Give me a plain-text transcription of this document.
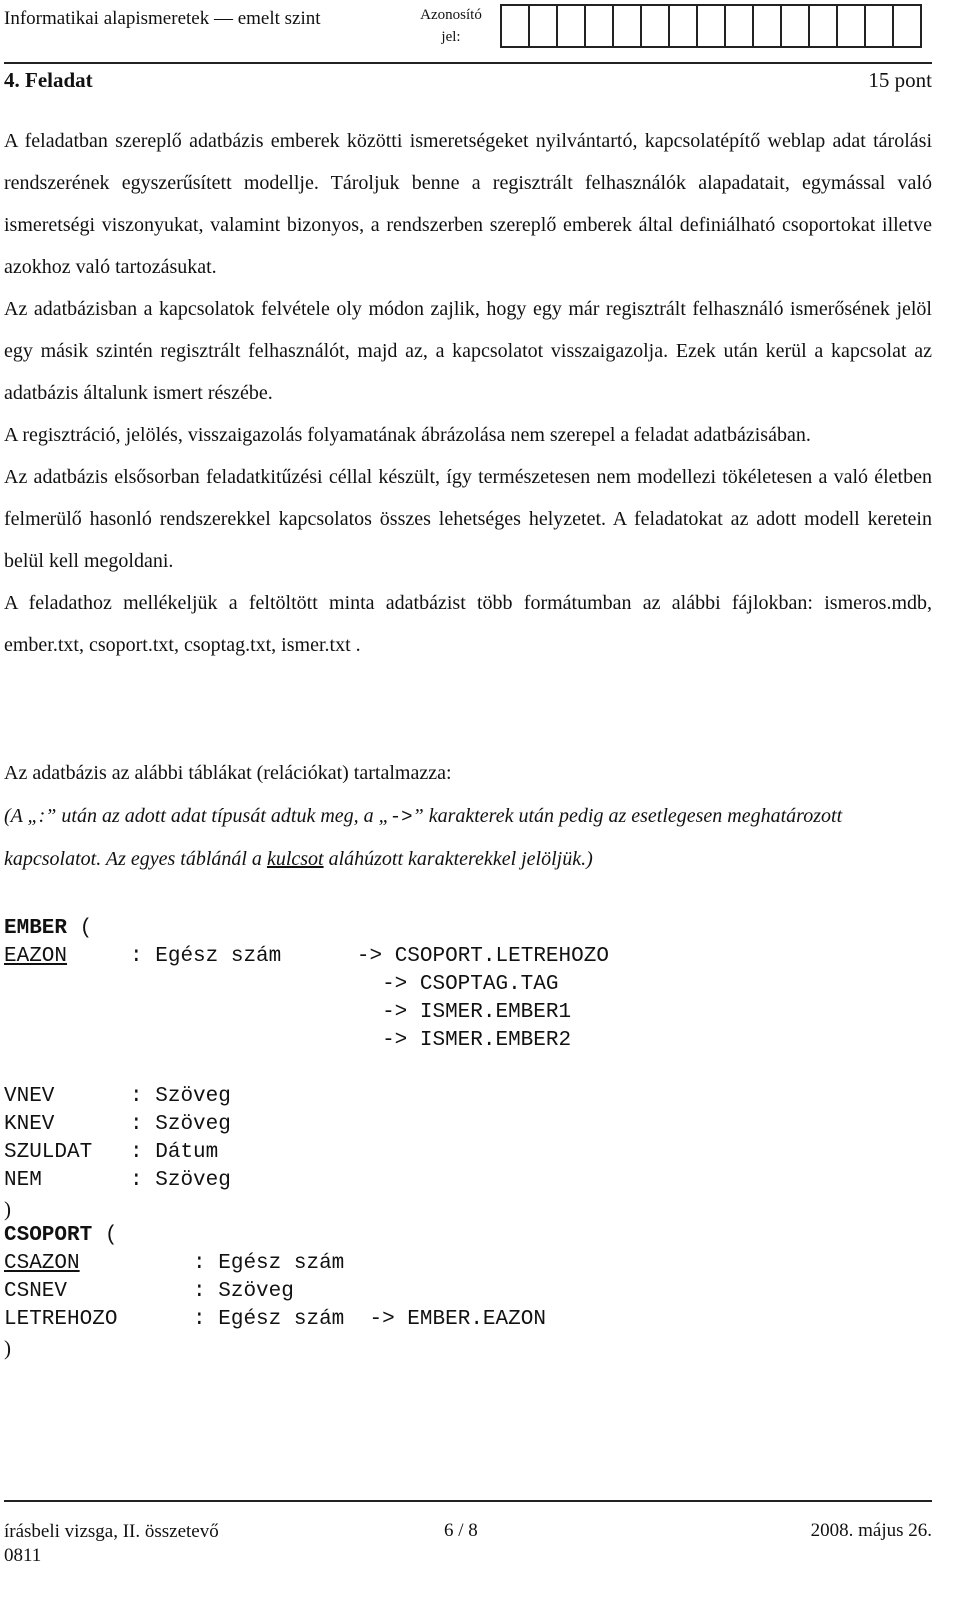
Informatikai alapismeretek — emelt szint	Azonosító jel:
4. Feladat	15 pont

A feladatban szereplő adatbázis emberek közötti ismeretségeket nyilvántartó, kapcsolatépítő weblap adat tárolási rendszerének egyszerűsített modellje. Tároljuk benne a regisztrált felhasználók alapadatait, egymással való ismeretségi viszonyukat, valamint bizonyos, a rendszerben szereplő emberek által definiálható csoportokat illetve azokhoz való tartozásukat.

Az adatbázisban a kapcsolatok felvétele oly módon zajlik, hogy egy már regisztrált felhasználó ismerősének jelöl egy másik szintén regisztrált felhasználót, majd az, a kapcsolatot visszaigazolja. Ezek után kerül a kapcsolat az adatbázis általunk ismert részébe.

A regisztráció, jelölés, visszaigazolás folyamatának ábrázolása nem szerepel a feladat adatbázisában.

Az adatbázis elsősorban feladatkitűzési céllal készült, így természetesen nem modellezi tökéletesen a való életben felmerülő hasonló rendszerekkel kapcsolatos összes lehetséges helyzetet. A feladatokat az adott modell keretein belül kell megoldani.

A feladathoz mellékeljük a feltöltött minta adatbázist több formátumban az alábbi fájlokban: ismeros.mdb, ember.txt, csoport.txt, csoptag.txt, ismer.txt .

Az adatbázis az alábbi táblákat (relációkat) tartalmazza:
(A „:” után az adott adat típusát adtuk meg, a „->” karakterek után pedig az esetlegesen meghatározott kapcsolatot. Az egyes táblánál a kulcsot aláhúzott karakterekkel jelöljük.)
EMBER (
EAZON	: Egész szám	-> CSOPORT.LETREHOZO
-> CSOPTAG.TAG
-> ISMER.EMBER1
-> ISMER.EMBER2

VNEV	: Szöveg
KNEV	: Szöveg
SZULDAT : Dátum
NEM	: Szöveg
)
CSOPORT (
CSAZON	: Egész szám
CSNEV	: Szöveg
LETREHOZO	: Egész szám -> EMBER.EAZON
)
írásbeli vizsga, II. összetevő
0811
6 / 8	2008. május 26.
